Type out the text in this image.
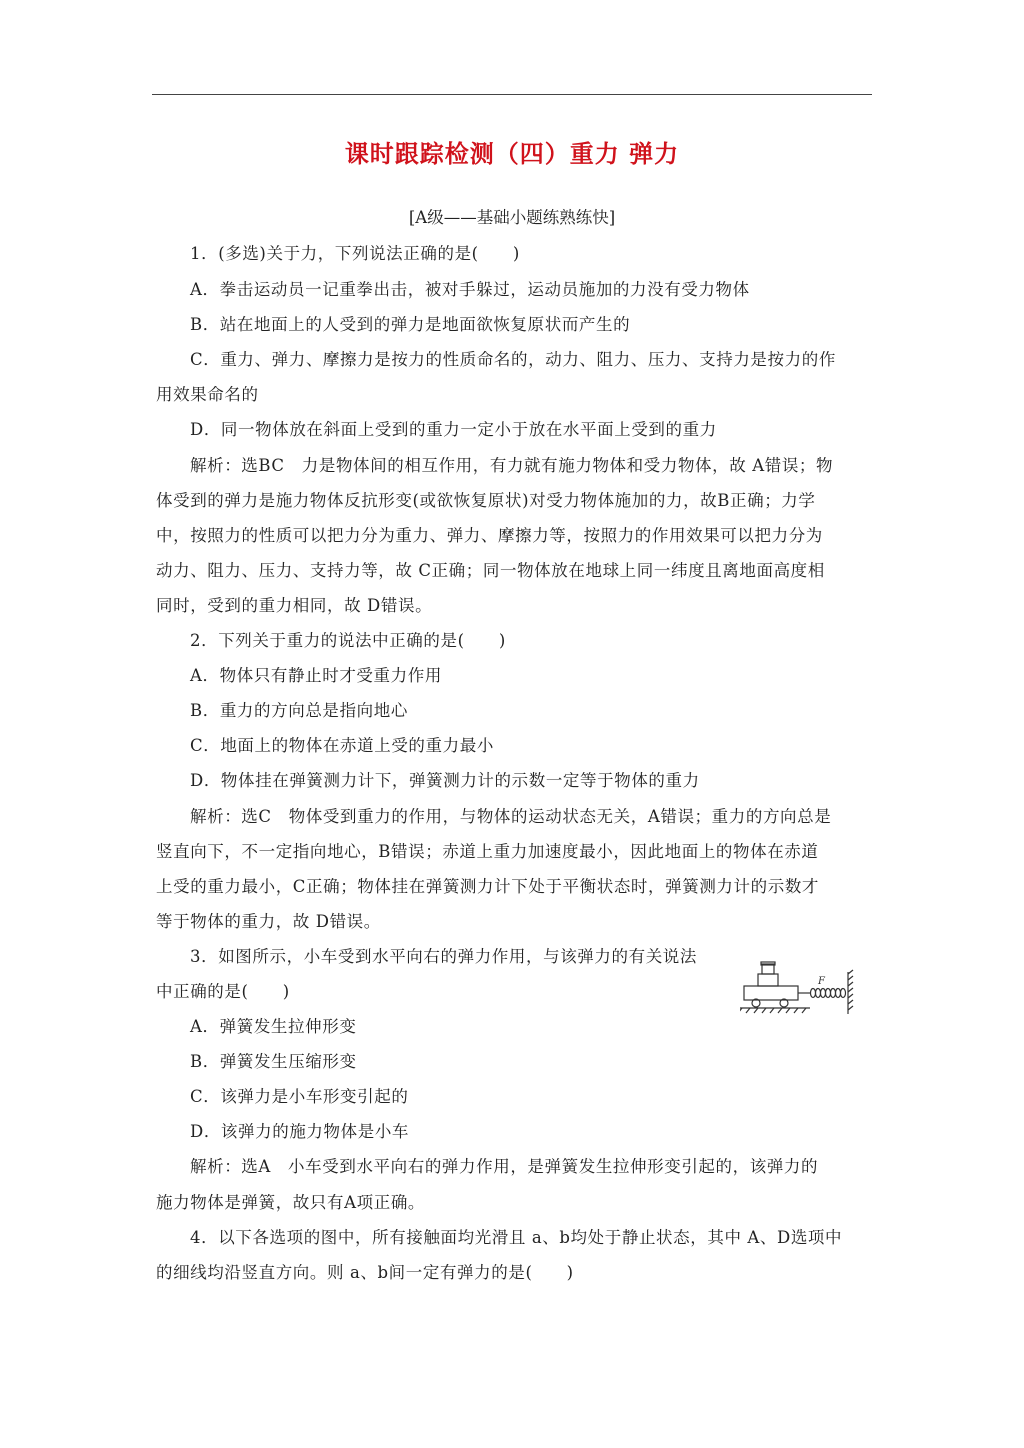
课时跟踪检测（四）重力 弹力
[A级——基础小题练熟练快]
1．(多选)关于力，下列说法正确的是(　　)
A．拳击运动员一记重拳出击，被对手躲过，运动员施加的力没有受力物体
B．站在地面上的人受到的弹力是地面欲恢复原状而产生的
C．重力、弹力、摩擦力是按力的性质命名的，动力、阻力、压力、支持力是按力的作
用效果命名的
D．同一物体放在斜面上受到的重力一定小于放在水平面上受到的重力
解析：选BC　力是物体间的相互作用，有力就有施力物体和受力物体，故 A错误；物
体受到的弹力是施力物体反抗形变(或欲恢复原状)对受力物体施加的力，故B正确；力学
中，按照力的性质可以把力分为重力、弹力、摩擦力等，按照力的作用效果可以把力分为
动力、阻力、压力、支持力等，故 C正确；同一物体放在地球上同一纬度且离地面高度相
同时，受到的重力相同，故 D错误。
2．下列关于重力的说法中正确的是(　　)
A．物体只有静止时才受重力作用
B．重力的方向总是指向地心
C．地面上的物体在赤道上受的重力最小
D．物体挂在弹簧测力计下，弹簧测力计的示数一定等于物体的重力
解析：选C　物体受到重力的作用，与物体的运动状态无关，A错误；重力的方向总是
竖直向下，不一定指向地心，B错误；赤道上重力加速度最小，因此地面上的物体在赤道
上受的重力最小，C正确；物体挂在弹簧测力计下处于平衡状态时，弹簧测力计的示数才
等于物体的重力，故 D错误。
3．如图所示，小车受到水平向右的弹力作用，与该弹力的有关说法
中正确的是(　　)
A．弹簧发生拉伸形变
B．弹簧发生压缩形变
C．该弹力是小车形变引起的
D．该弹力的施力物体是小车
解析：选A　小车受到水平向右的弹力作用，是弹簧发生拉伸形变引起的，该弹力的
施力物体是弹簧，故只有A项正确。
4．以下各选项的图中，所有接触面均光滑且 a、b均处于静止状态，其中 A、D选项中
的细线均沿竖直方向。则 a、b间一定有弹力的是(　　)
F
